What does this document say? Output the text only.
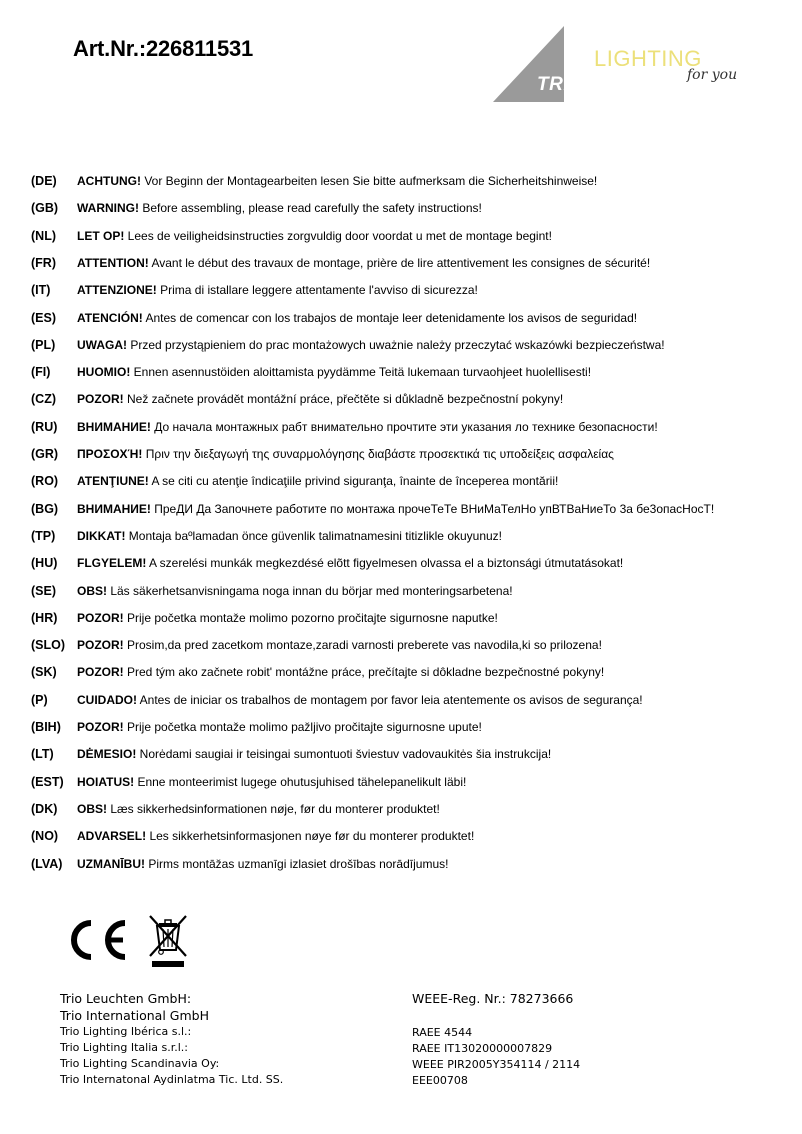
Art.Nr.:226811531
TRIO
LIGHTING
for you
(DE) ACHTUNG! Vor Beginn der Montagearbeiten lesen Sie bitte aufmerksam die Sicherheitshinweise!
(GB) WARNING! Before assembling, please read carefully the safety instructions!
(NL) LET OP! Lees de veiligheidsinstructies zorgvuldig door voordat u met de montage begint!
(FR) ATTENTION! Avant le début des travaux de montage, prière de lire attentivement les consignes de sécurité!
(IT) ATTENZIONE! Prima di istallare leggere attentamente l'avviso di sicurezza!
(ES) ATENCIÓN! Antes de comencar con los trabajos de montaje leer detenidamente los avisos de seguridad!
(PL) UWAGA! Przed przystąpieniem do prac montażowych uważnie należy przeczytać wskazówki bezpieczeństwa!
(FI) HUOMIO! Ennen asennustöiden aloittamista pyydämme Teitä lukemaan turvaohjeet huolellisesti!
(CZ) POZOR! Než začnete provádět montážní práce, přečtěte si důkladně bezpečnostní pokyny!
(RU) ВНИМАНИЕ! До начала монтажных рабт внимательно прочтите эти указания ло технике безопасности!
(GR) ΠΡΟΣΟΧΉ! Πριν την διεξαγωγή της συναρμολόγησης διαβάστε προσεκτικά τις υποδείξεις ασφαλείας
(RO) ATENŢIUNE! A se citi cu atenţie îndicaţiile privind siguranţa, înainte de începerea montării!
(BG) ВНИМАНИЕ! ПреДИ Да Започнете работите по монтажа прочеТеТе ВНиМаТелНо упВТВаНиеТо 3а бе3опасНосТ!
(TP) DIKKAT! Montaja baºlamadan önce güvenlik talimatnamesini titizlikle okuyunuz!
(HU) FLGYELEM! A szerelési munkák megkezdésé elõtt figyelmesen olvassa el a biztonsági útmutatásokat!
(SE) OBS! Läs säkerhetsanvisningama noga innan du börjar med monteringsarbetena!
(HR) POZOR! Prije početka montaže molimo pozorno pročitajte sigurnosne naputke!
(SLO) POZOR! Prosim,da pred zacetkom montaze,zaradi varnosti preberete vas navodila,ki so prilozena!
(SK) POZOR! Pred tým ako začnete robit' montážne práce, prečítajte si dôkladne bezpečnostné pokyny!
(P) CUIDADO! Antes de iniciar os trabalhos de montagem por favor leia atentemente os avisos de segurança!
(BIH) POZOR! Prije početka montaže molimo pažljivo pročitajte sigurnosne upute!
(LT) DĖMESIO! Norėdami saugiai ir teisingai sumontuoti šviestuv vadovaukitės šia instrukcija!
(EST) HOIATUS! Enne monteerimist lugege ohutusjuhised tähelepanelikult läbi!
(DK) OBS! Læs sikkerhedsinformationen nøje, før du monterer produktet!
(NO) ADVARSEL! Les sikkerhetsinformasjonen nøye før du monterer produktet!
(LVA) UZMANĪBU! Pirms montāžas uzmanīgi izlasiet drošības norādījumus!
Trio Leuchten GmbH:
Trio International GmbH
Trio Lighting Ibérica s.l.:
Trio Lighting Italia s.r.l.:
Trio Lighting Scandinavia Oy:
Trio Internatonal Aydinlatma Tic. Ltd. SS.
WEEE-Reg. Nr.: 78273666
RAEE 4544
RAEE IT13020000007829
WEEE PIR2005Y354114 / 2114
EEE00708
